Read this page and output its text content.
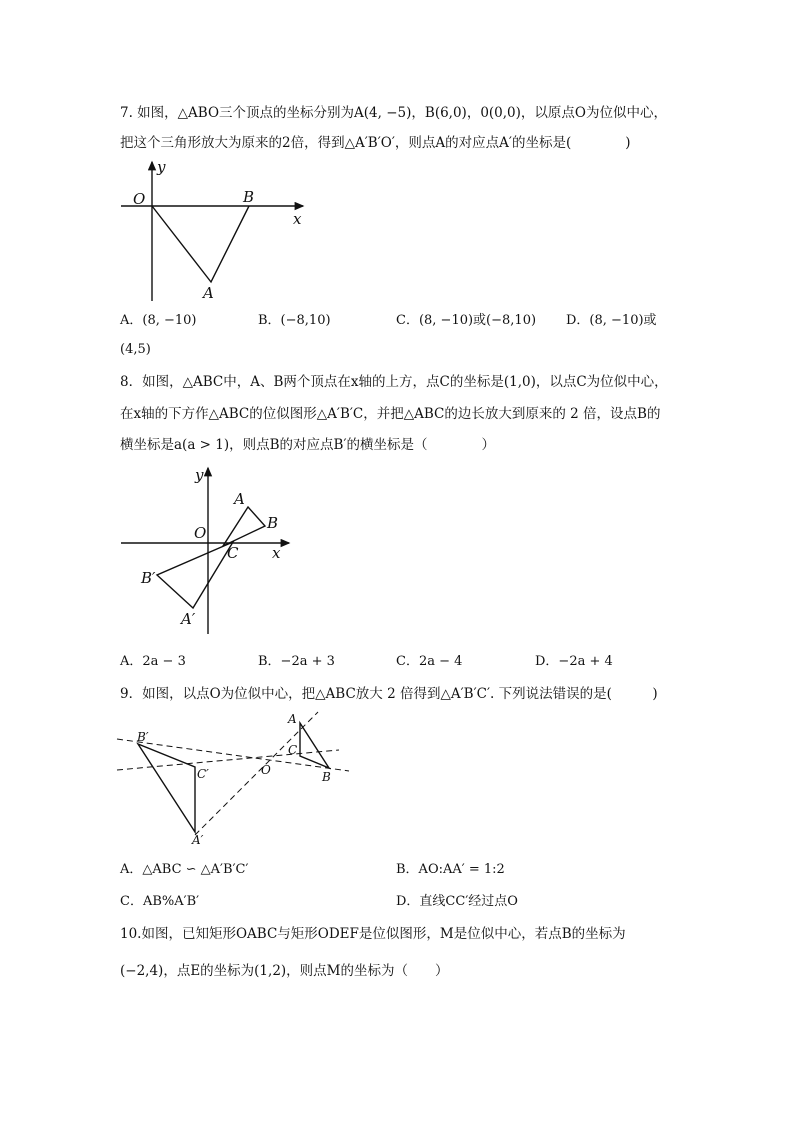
7. 如图，△ABO三个顶点的坐标分别为A(4, −5)，B(6,0)，0(0,0)，以原点O为位似中心，
把这个三角形放大为原来的2倍，得到△A′B′O′，则点A的对应点A′的坐标是(　　　　)
y
O	B
x
A
A．(8, −10)	B．(−8,10)	C．(8, −10)或(−8,10) D．(8, −10)或
(4,5)
8．如图，△ABC中，A、B两个顶点在x轴的上方，点C的坐标是(1,0)，以点C为位似中心，
在x轴的下方作△ABC的位似图形△A′B′C，并把△ABC的边长放大到原来的 2 倍，设点B的
横坐标是a(a > 1)，则点B的对应点B′的横坐标是（　　　　）
y
O
A
B
C x
B′
A′
A．2a − 3	B．−2a + 3	C．2a − 4	D．−2a + 4
9．如图，以点O为位似中心，把△ABC放大 2 倍得到△A′B′C′. 下列说法错误的是(　　　)
B′
C′
A′
O
A
C
B
A．△ABC ∽ △A′B′C′	B．AO:AA′ = 1:2
C．AB%A′B′	D．直线CC′经过点O
10.如图，已知矩形OABC与矩形ODEF是位似图形，M是位似中心，若点B的坐标为
(−2,4)，点E的坐标为(1,2)，则点M的坐标为（　　）
